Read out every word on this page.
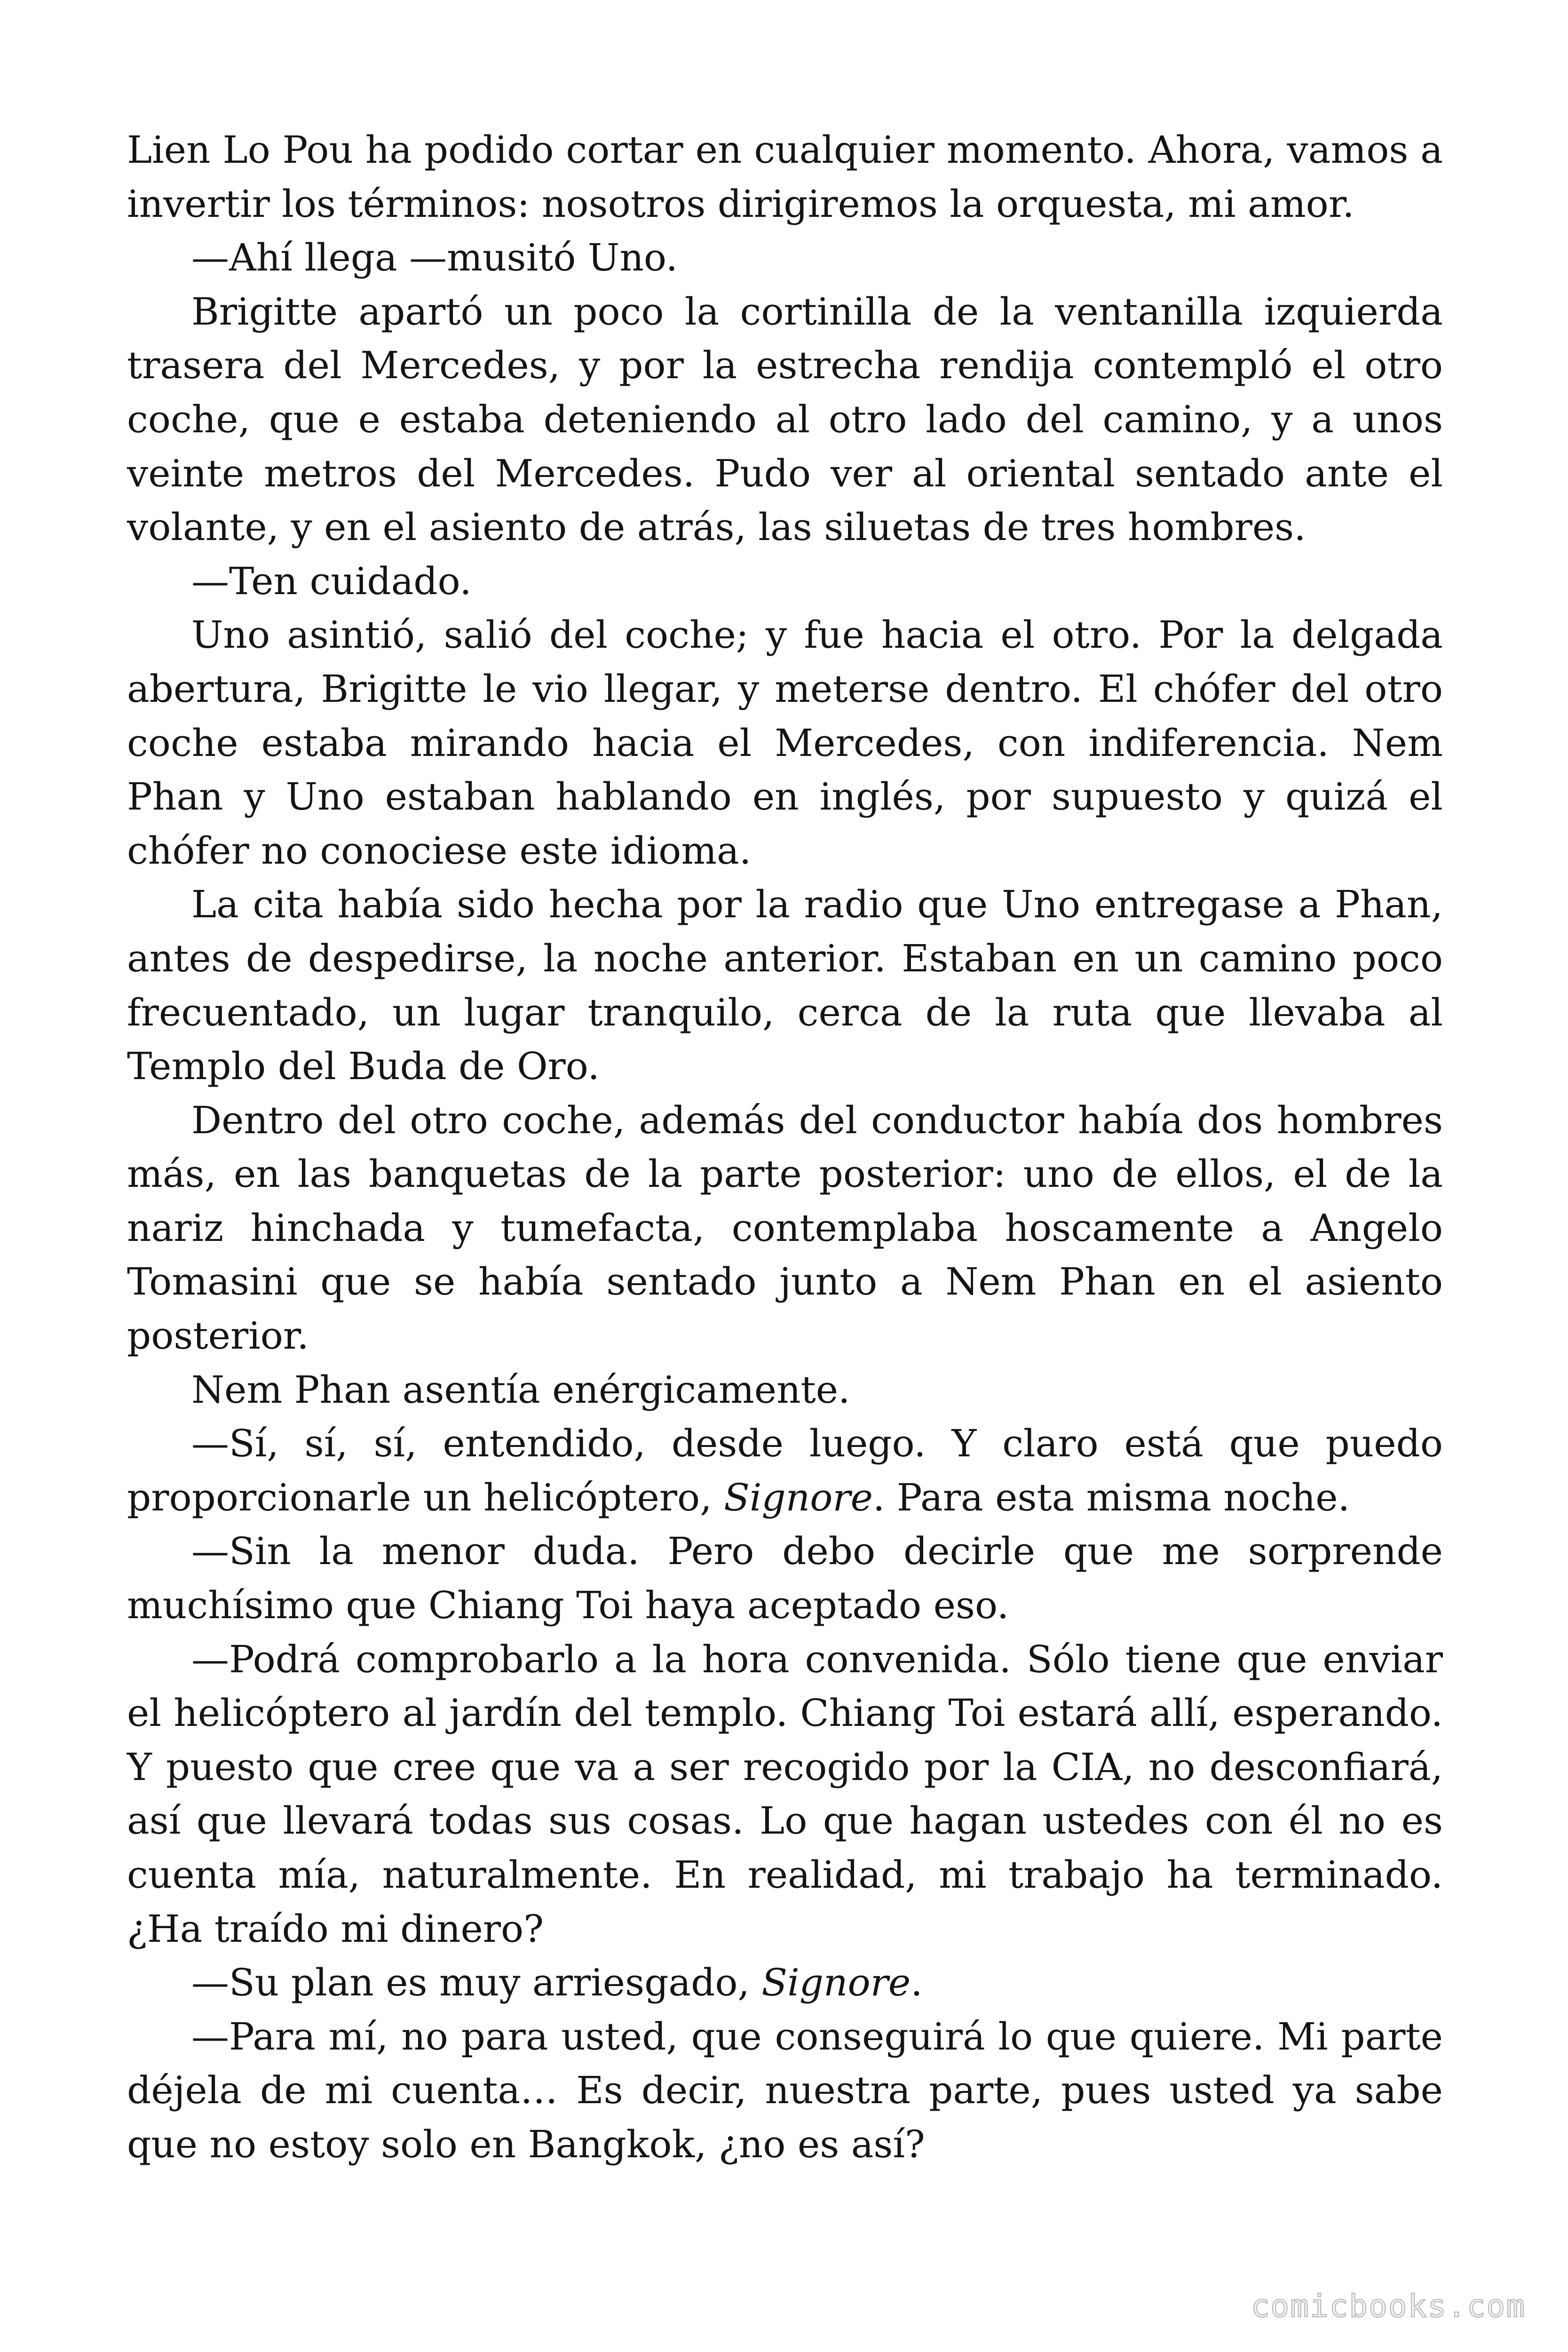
Lien Lo Pou ha podido cortar en cualquier momento. Ahora, vamos a invertir los términos: nosotros dirigiremos la orquesta, mi amor.

—Ahí llega —musitó Uno.

Brigitte apartó un poco la cortinilla de la ventanilla izquierda trasera del Mercedes, y por la estrecha rendija contempló el otro coche, que e estaba deteniendo al otro lado del camino, y a unos veinte metros del Mercedes. Pudo ver al oriental sentado ante el volante, y en el asiento de atrás, las siluetas de tres hombres.

—Ten cuidado.

Uno asintió, salió del coche; y fue hacia el otro. Por la delgada abertura, Brigitte le vio llegar, y meterse dentro. El chófer del otro coche estaba mirando hacia el Mercedes, con indiferencia. Nem Phan y Uno estaban hablando en inglés, por supuesto y quizá el chófer no conociese este idioma.

La cita había sido hecha por la radio que Uno entregase a Phan, antes de despedirse, la noche anterior. Estaban en un camino poco frecuentado, un lugar tranquilo, cerca de la ruta que llevaba al Templo del Buda de Oro.

Dentro del otro coche, además del conductor había dos hombres más, en las banquetas de la parte posterior: uno de ellos, el de la nariz hinchada y tumefacta, contemplaba hoscamente a Angelo Tomasini que se había sentado junto a Nem Phan en el asiento posterior.

Nem Phan asentía enérgicamente.

—Sí, sí, sí, entendido, desde luego. Y claro está que puedo proporcionarle un helicóptero, Signore. Para esta misma noche.

—Sin la menor duda. Pero debo decirle que me sorprende muchísimo que Chiang Toi haya aceptado eso.

—Podrá comprobarlo a la hora convenida. Sólo tiene que enviar el helicóptero al jardín del templo. Chiang Toi estará allí, esperando. Y puesto que cree que va a ser recogido por la CIA, no desconfiará, así que llevará todas sus cosas. Lo que hagan ustedes con él no es cuenta mía, naturalmente. En realidad, mi trabajo ha terminado. ¿Ha traído mi dinero?

—Su plan es muy arriesgado, Signore.

—Para mí, no para usted, que conseguirá lo que quiere. Mi parte déjela de mi cuenta… Es decir, nuestra parte, pues usted ya sabe que no estoy solo en Bangkok, ¿no es así?

comicbooks.com
